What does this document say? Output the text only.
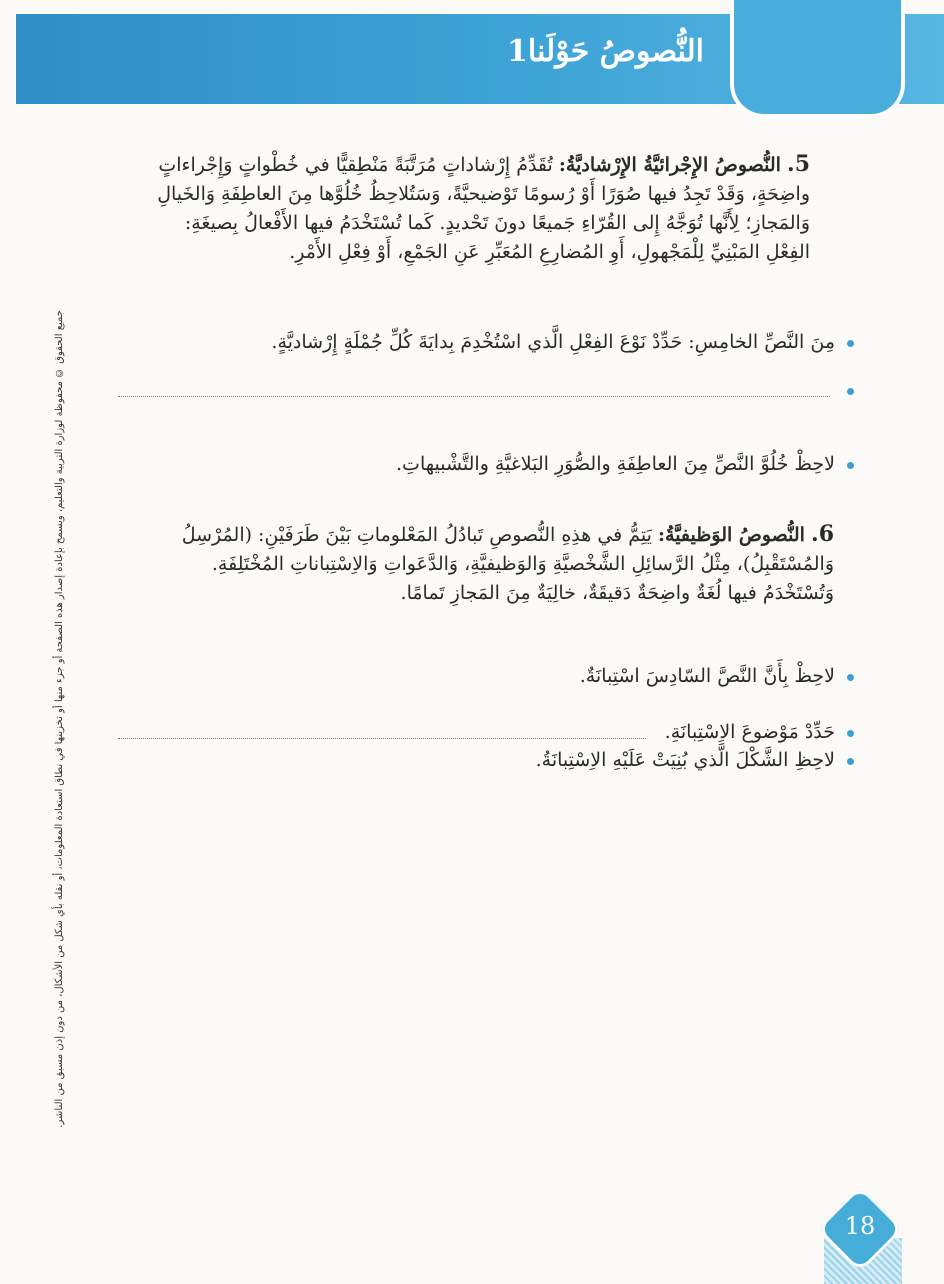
النُّصوصُ حَوْلَنا1
جميع الحقوق © محفوظة لوزارة التربية والتعليم، ويسمح بإعادة إصدار هذه الصفحة أو جزء منها أو تخزينها في نطاق استعادة المعلومات، أو نقله بأي شكل من الأشكال، من دون إذن مسبق من الناشر.
5. النُّصوصُ الإِجْرائيَّةُ الإِرْشاديَّةُ: تُقَدِّمُ إِرْشاداتٍ مُرَتَّبَةً مَنْطِقيًّا في خُطْواتٍ وَإِجْراءاتٍ
واضِحَةٍ، وَقَدْ تَجِدُ فيها صُوَرًا أَوْ رُسومًا تَوْضيحيَّةً، وَسَتُلاحِظُ خُلُوَّها مِنَ العاطِفَةِ وَالخَيالِ
وَالمَجازِ؛ لِأَنَّها تُوَجَّهُ إِلى القُرّاءِ جَميعًا دونَ تَحْديدٍ. كَما تُسْتَخْدَمُ فيها الأَفْعالُ بِصيغَةِ:
الفِعْلِ المَبْنِيِّ لِلْمَجْهولِ، أَوِ المُضارِعِ المُعَبِّرِ عَنِ الجَمْعِ، أَوْ فِعْلِ الأَمْرِ.
مِنَ النَّصِّ الخامِسِ: حَدِّدْ نَوْعَ الفِعْلِ الَّذي اسْتُخْدِمَ بِدايَةَ كُلِّ جُمْلَةٍ إِرْشاديَّةٍ.
لاحِظْ خُلُوَّ النَّصِّ مِنَ العاطِفَةِ والصُّوَرِ البَلاغيَّةِ والتَّشْبيهاتِ.
6. النُّصوصُ الوَظيفيَّةُ: يَتِمُّ في هذِهِ النُّصوصِ تَبادُلُ المَعْلوماتِ بَيْنَ طَرَفَيْنِ: (المُرْسِلُ
وَالمُسْتَقْبِلُ)، مِثْلُ الرَّسائِلِ الشَّخْصيَّةِ وَالوَظيفيَّةِ، وَالدَّعَواتِ وَالاِسْتِباناتِ المُخْتَلِفَةِ.
وَتُسْتَخْدَمُ فيها لُغَةٌ واضِحَةٌ دَقيقَةٌ، خالِيَةٌ مِنَ المَجازِ تَمامًا.
لاحِظْ بِأَنَّ النَّصَّ السّادِسَ اسْتِبانَةٌ.
حَدِّدْ مَوْضوعَ الاِسْتِبانَةِ.
لاحِظِ الشَّكْلَ الَّذي بُنِيَتْ عَلَيْهِ الاِسْتِبانَةُ.
18
